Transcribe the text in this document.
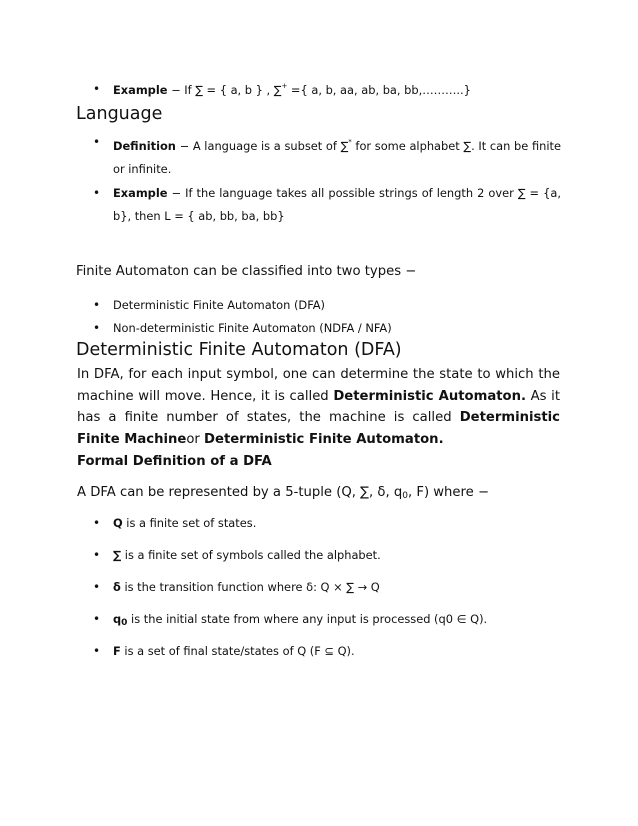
• Example − If ∑ = { a, b } , ∑+ ={ a, b, aa, ab, ba, bb,………..}
Language
• Definition − A language is a subset of ∑* for some alphabet ∑. It can be finite or infinite.
• Example − If the language takes all possible strings of length 2 over ∑ = {a, b}, then L = { ab, bb, ba, bb}
Finite Automaton can be classified into two types −
• Deterministic Finite Automaton (DFA)
• Non-deterministic Finite Automaton (NDFA / NFA)
Deterministic Finite Automaton (DFA)
In DFA, for each input symbol, one can determine the state to which the machine will move. Hence, it is called Deterministic Automaton. As it has a finite number of states, the machine is called Deterministic Finite Machineor Deterministic Finite Automaton.
Formal Definition of a DFA
A DFA can be represented by a 5-tuple (Q, ∑, δ, $q_0$, F) where −
• Q is a finite set of states.
• ∑ is a finite set of symbols called the alphabet.
• δ is the transition function where δ: Q × ∑ → Q
• $q_0$ is the initial state from where any input is processed (q0 ∈ Q).
• F is a set of final state/states of Q (F ⊆ Q).
